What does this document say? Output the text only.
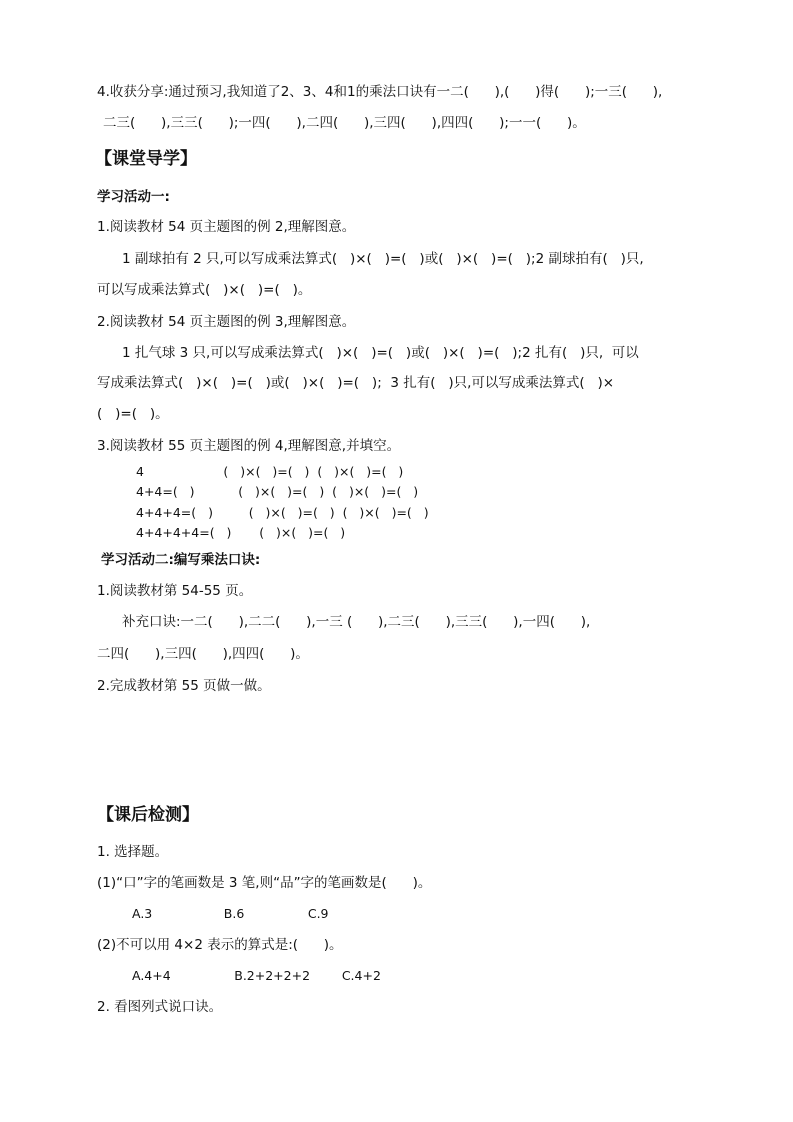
4.收获分享:通过预习,我知道了2、3、4和1的乘法口诀有一二(      ),(      )得(      );一三(      ),
二三(      ),三三(      );一四(      ),二四(      ),三四(      ),四四(      );一一(      )。
【课堂导学】
学习活动一:
1.阅读教材 54 页主题图的例 2,理解图意。
1 副球拍有 2 只,可以写成乘法算式(   )×(   )=(   )或(   )×(   )=(   );2 副球拍有(   )只,
可以写成乘法算式(   )×(   )=(   )。
2.阅读教材 54 页主题图的例 3,理解图意。
1 扎气球 3 只,可以写成乘法算式(   )×(   )=(   )或(   )×(   )=(   );2 扎有(   )只,  可以
写成乘法算式(   )×(   )=(   )或(   )×(   )=(   );  3 扎有(   )只,可以写成乘法算式(   )×
(   )=(   )。
3.阅读教材 55 页主题图的例 4,理解图意,并填空。
4                    (   )×(   )=(   )  (   )×(   )=(   )
4+4=(   )           (   )×(   )=(   )  (   )×(   )=(   )
4+4+4=(   )         (   )×(   )=(   )  (   )×(   )=(   )
4+4+4+4=(   )       (   )×(   )=(   )
学习活动二:编写乘法口诀:
1.阅读教材第 54-55 页。
补充口诀:一二(      ),二二(      ),一三 (      ),二三(      ),三三(      ),一四(      ),
二四(      ),三四(      ),四四(      )。
2.完成教材第 55 页做一做。
【课后检测】
1. 选择题。
(1)“口”字的笔画数是 3 笔,则“品”字的笔画数是(      )。
A.3                  B.6                C.9
(2)不可以用 4×2 表示的算式是:(      )。
A.4+4                B.2+2+2+2        C.4+2
2. 看图列式说口诀。
